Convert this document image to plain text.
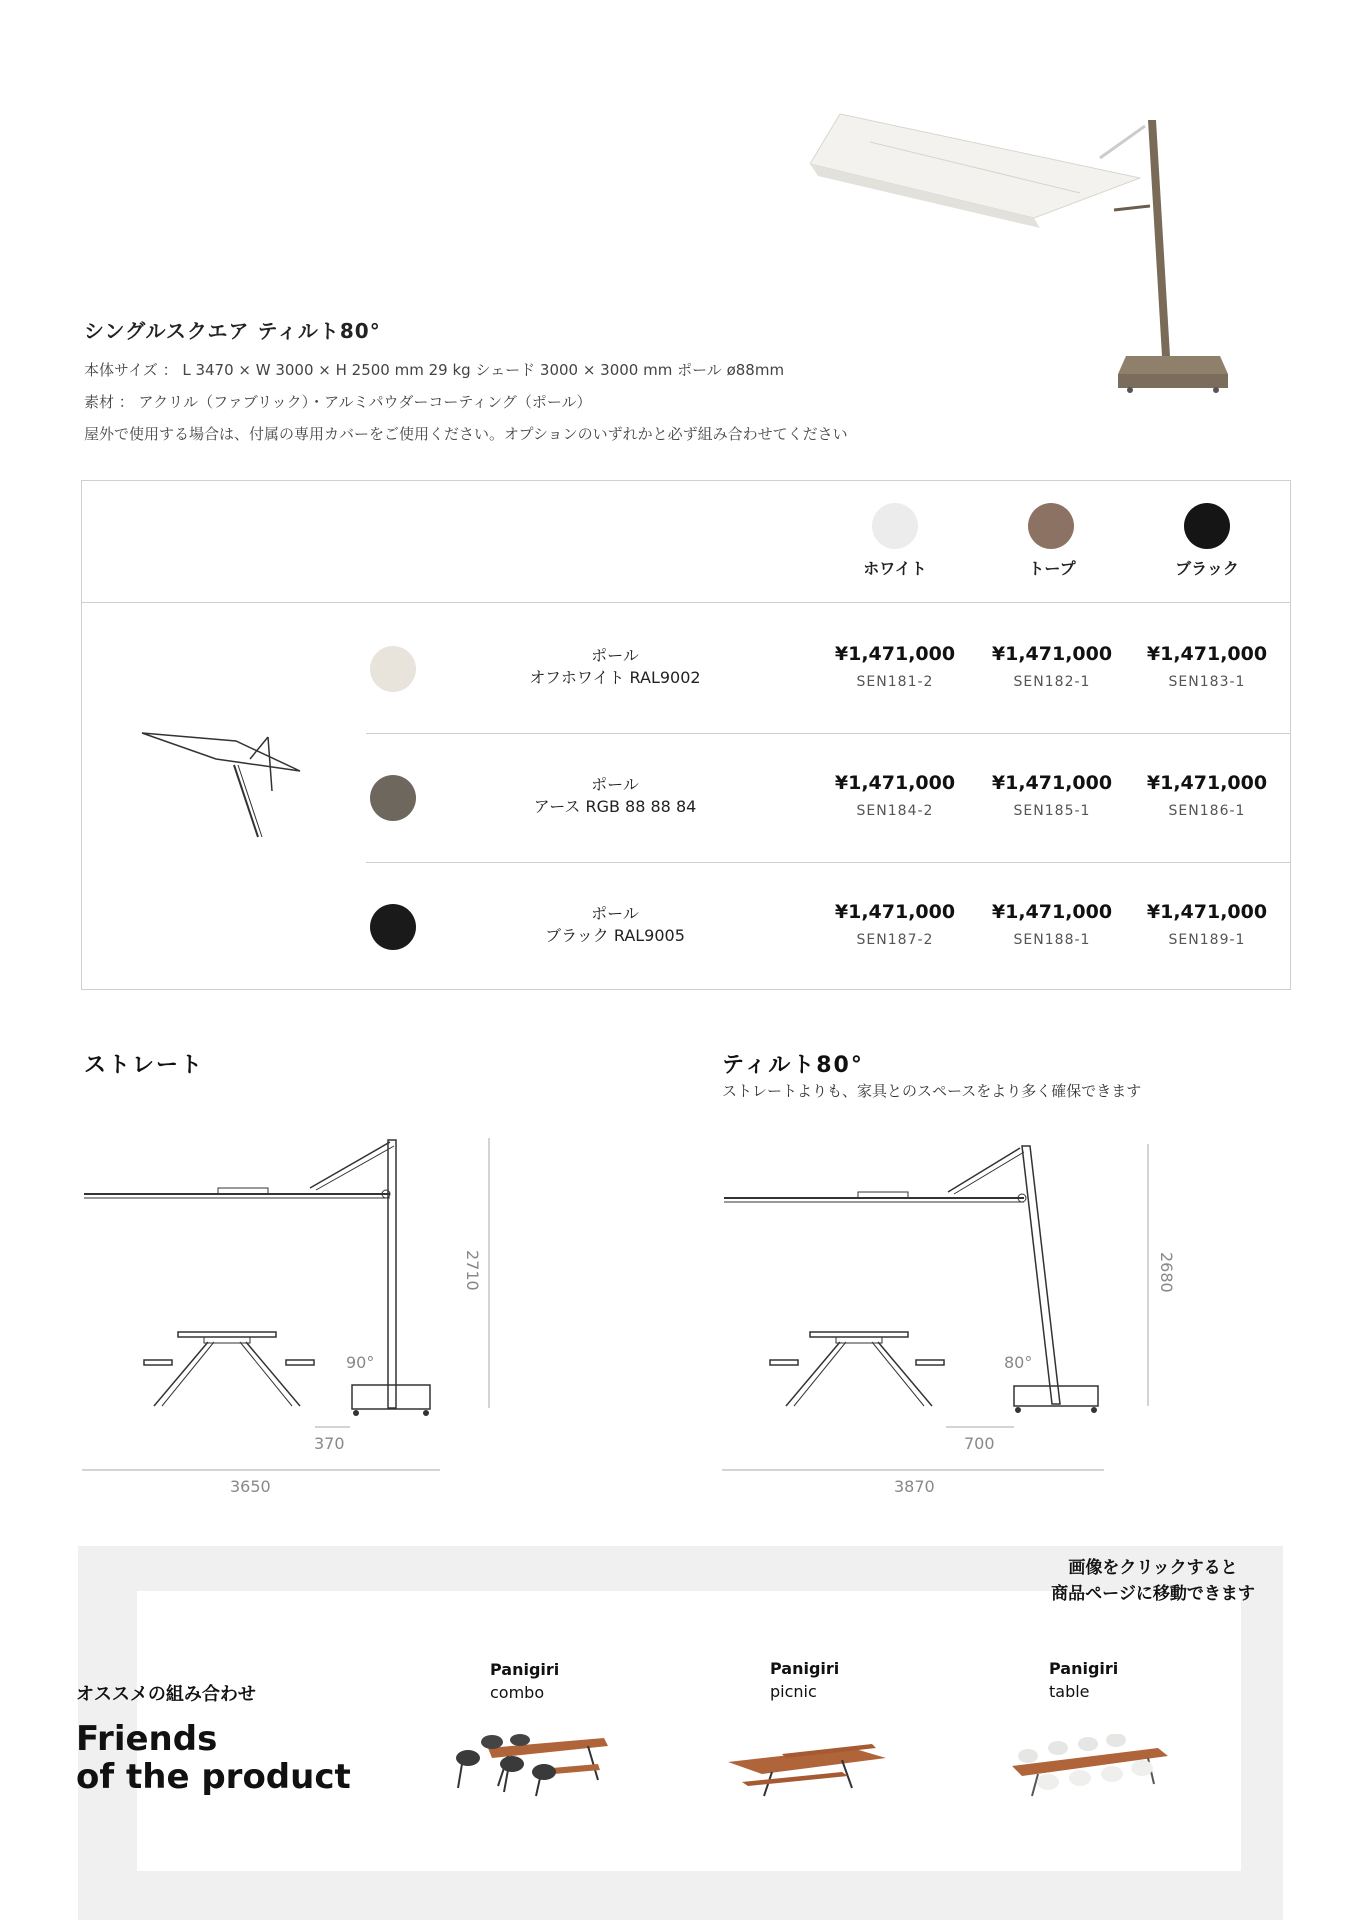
シングルスクエア ティルト80°
本体サイズ ： L 3470 × W 3000 × H 2500 mm 29 kg シェード 3000 × 3000 mm ポール ø88mm
素材 ： アクリル（ファブリック）・アルミパウダーコーティング（ポール）
屋外で使用する場合は、付属の専用カバーをご使用ください。オプションのいずれかと必ず組み合わせてください
ホワイト	トープ	ブラック
ポール
オフホワイト RAL9002
¥1,471,000	¥1,471,000	¥1,471,000
SEN181-2	SEN182-1	SEN183-1
ポール
アース RGB 88 88 84
¥1,471,000	¥1,471,000	¥1,471,000
SEN184-2	SEN185-1	SEN186-1
ポール
ブラック RAL9005
¥1,471,000	¥1,471,000	¥1,471,000
SEN187-2	SEN188-1	SEN189-1
ストレート
90°
2710
370
3650
ティルト80°
ストレートよりも、家具とのスペースをより多く確保できます
80°
2680
700
3870
画像をクリックすると
商品ページに移動できます
オススメの組み合わせ
Friends
of the product
Panigiri
combo
Panigiri
picnic
Panigiri
table
